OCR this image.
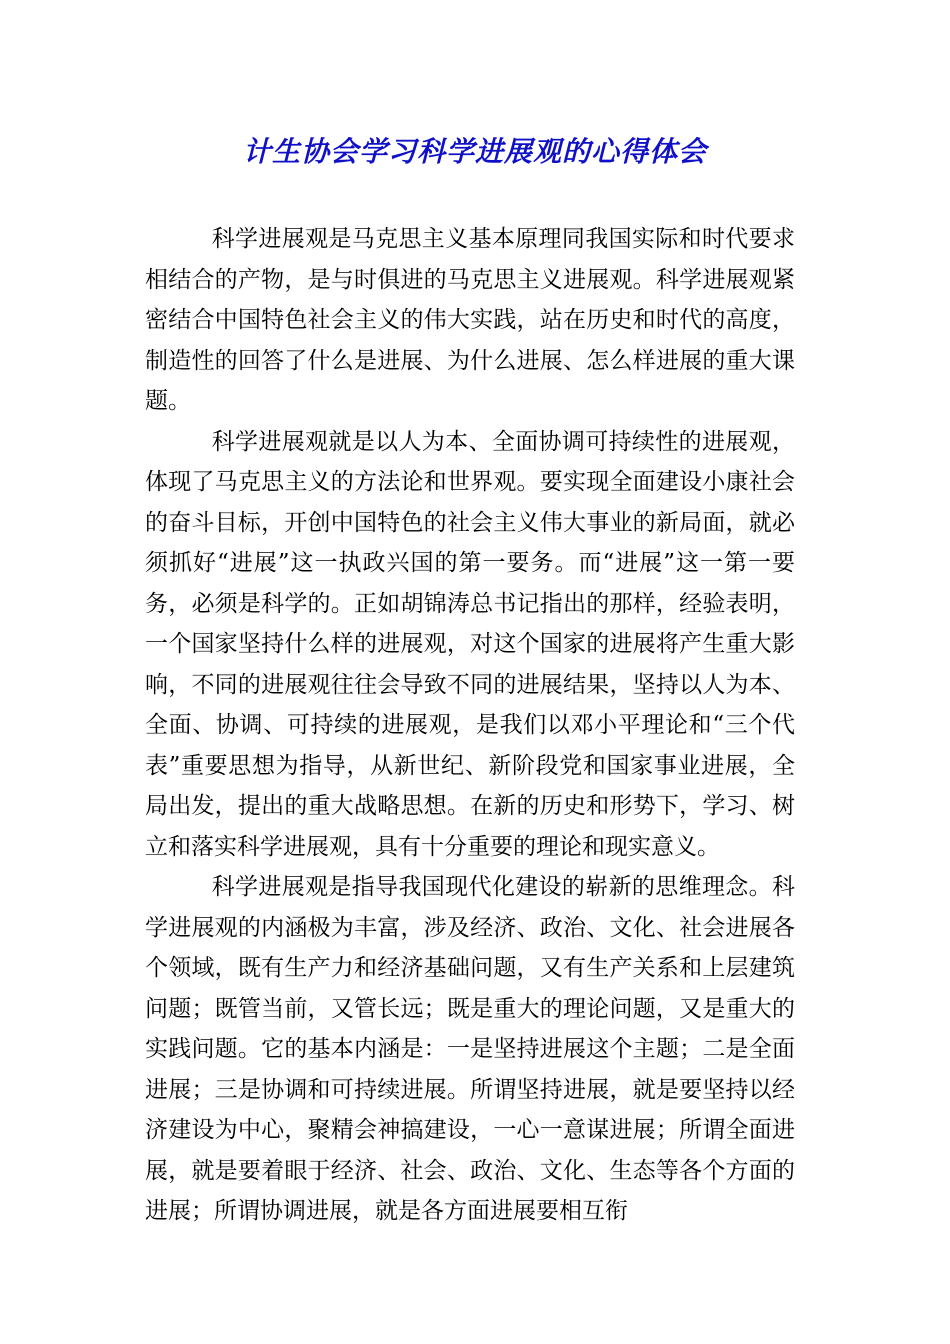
计生协会学习科学进展观的心得体会

科学进展观是马克思主义基本原理同我国实际和时代要求相结合的产物，是与时俱进的马克思主义进展观。科学进展观紧密结合中国特色社会主义的伟大实践，站在历史和时代的高度，制造性的回答了什么是进展、为什么进展、怎么样进展的重大课题。

科学进展观就是以人为本、全面协调可持续性的进展观，体现了马克思主义的方法论和世界观。要实现全面建设小康社会的奋斗目标，开创中国特色的社会主义伟大事业的新局面，就必须抓好“进展”这一执政兴国的第一要务。而“进展”这一第一要务，必须是科学的。正如胡锦涛总书记指出的那样，经验表明，一个国家坚持什么样的进展观，对这个国家的进展将产生重大影响，不同的进展观往往会导致不同的进展结果，坚持以人为本、全面、协调、可持续的进展观，是我们以邓小平理论和“三个代表”重要思想为指导，从新世纪、新阶段党和国家事业进展，全局出发，提出的重大战略思想。在新的历史和形势下，学习、树立和落实科学进展观，具有十分重要的理论和现实意义。

科学进展观是指导我国现代化建设的崭新的思维理念。科学进展观的内涵极为丰富，涉及经济、政治、文化、社会进展各个领域，既有生产力和经济基础问题，又有生产关系和上层建筑问题；既管当前，又管长远；既是重大的理论问题，又是重大的实践问题。它的基本内涵是：一是坚持进展这个主题；二是全面进展；三是协调和可持续进展。所谓坚持进展，就是要坚持以经济建设为中心，聚精会神搞建设，一心一意谋进展；所谓全面进展，就是要着眼于经济、社会、政治、文化、生态等各个方面的进展；所谓协调进展，就是各方面进展要相互衔
